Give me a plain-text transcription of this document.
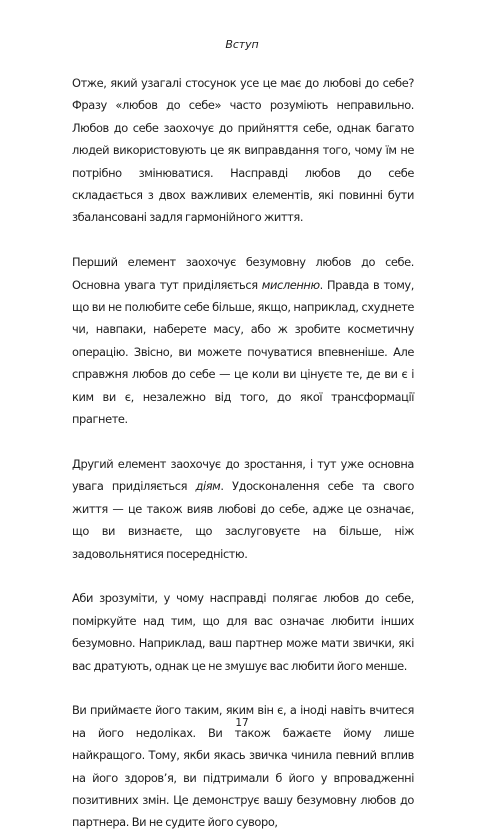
Вступ

Отже, який узагалі стосунок усе це має до любові до себе? Фразу «любов до себе» часто розуміють неправильно. Любов до себе заохочує до прийняття себе, однак багато людей використовують це як виправдання того, чому їм не потрібно змінюватися. Насправді любов до себе складається з двох важливих елементів, які повинні бути збалансовані задля гармонійного життя.

Перший елемент заохочує безумовну любов до себе. Основна увага тут приділяється мисленню. Правда в тому, що ви не полюбите себе більше, якщо, наприклад, схуднете чи, навпаки, наберете масу, або ж зробите косметичну операцію. Звісно, ви можете почуватися впевненіше. Але справжня любов до себе — це коли ви цінуєте те, де ви є і ким ви є, незалежно від того, до якої трансформації прагнете.

Другий елемент заохочує до зростання, і тут уже основна увага приділяється діям. Удосконалення себе та свого життя — це також вияв любові до себе, адже це означає, що ви визнаєте, що заслуговуєте на більше, ніж задовольнятися посередністю.

Аби зрозуміти, у чому насправді полягає любов до себе, поміркуйте над тим, що для вас означає любити інших безумовно. Наприклад, ваш партнер може мати звички, які вас дратують, однак це не змушує вас любити його менше.

Ви приймаєте його таким, яким він є, а іноді навіть вчитеся на його недоліках. Ви також бажаєте йому лише найкращого. Тому, якби якась звичка чинила певний вплив на його здоров’я, ви підтримали б його у впровадженні позитивних змін. Це демонструє вашу безумовну любов до партнера. Ви не судите його суворо,

17
